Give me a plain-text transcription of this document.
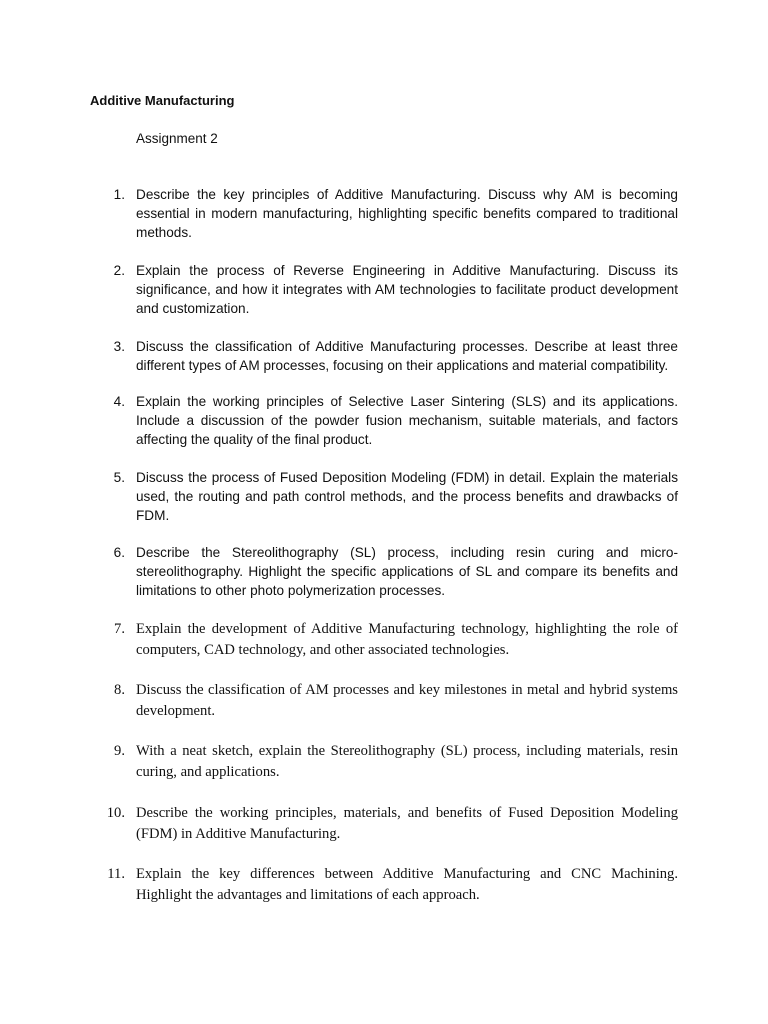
Additive Manufacturing

Assignment 2

1. Describe the key principles of Additive Manufacturing. Discuss why AM is becoming essential in modern manufacturing, highlighting specific benefits compared to traditional methods.
2. Explain the process of Reverse Engineering in Additive Manufacturing. Discuss its significance, and how it integrates with AM technologies to facilitate product development and customization.
3. Discuss the classification of Additive Manufacturing processes. Describe at least three different types of AM processes, focusing on their applications and material compatibility.
4. Explain the working principles of Selective Laser Sintering (SLS) and its applications. Include a discussion of the powder fusion mechanism, suitable materials, and factors affecting the quality of the final product.
5. Discuss the process of Fused Deposition Modeling (FDM) in detail. Explain the materials used, the routing and path control methods, and the process benefits and drawbacks of FDM.
6. Describe the Stereolithography (SL) process, including resin curing and micro-stereolithography. Highlight the specific applications of SL and compare its benefits and limitations to other photo polymerization processes.
7. Explain the development of Additive Manufacturing technology, highlighting the role of computers, CAD technology, and other associated technologies.
8. Discuss the classification of AM processes and key milestones in metal and hybrid systems development.
9. With a neat sketch, explain the Stereolithography (SL) process, including materials, resin curing, and applications.
10. Describe the working principles, materials, and benefits of Fused Deposition Modeling (FDM) in Additive Manufacturing.
11. Explain the key differences between Additive Manufacturing and CNC Machining. Highlight the advantages and limitations of each approach.
